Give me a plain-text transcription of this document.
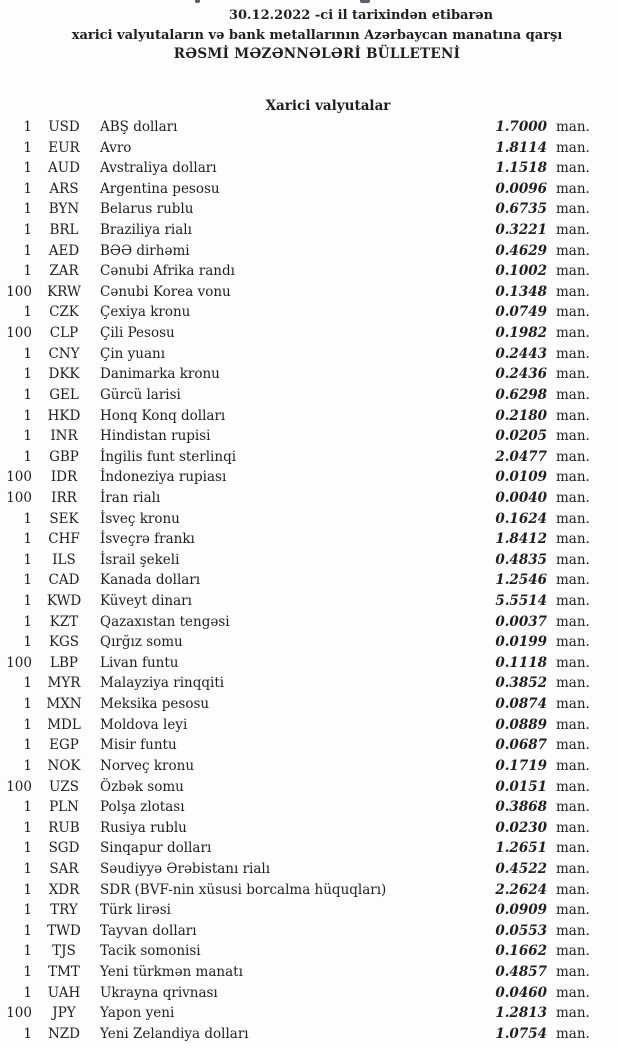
30.12.2022 -ci il tarixindən etibarən
xarici valyutaların və bank metallarının Azərbaycan manatına qarşı
RƏSMİ MƏZƏNNƏLƏRİ BÜLLETENİ
Xarici valyutalar
1	USD	ABŞ dolları	1.7000 man.
1	EUR	Avro	1.8114 man.
1	AUD	Avstraliya dolları	1.1518 man.
1	ARS	Argentina pesosu	0.0096 man.
1	BYN	Belarus rublu	0.6735 man.
1	BRL	Braziliya rialı	0.3221 man.
1	AED	BƏƏ dirhəmi	0.4629 man.
1	ZAR	Cənubi Afrika randı	0.1002 man.
100	KRW	Cənubi Korea vonu	0.1348 man.
1	CZK	Çexiya kronu	0.0749 man.
100	CLP	Çili Pesosu	0.1982 man.
1	CNY	Çin yuanı	0.2443 man.
1	DKK	Danimarka kronu	0.2436 man.
1	GEL	Gürcü larisi	0.6298 man.
1	HKD	Honq Konq dolları	0.2180 man.
1	INR	Hindistan rupisi	0.0205 man.
1	GBP	İngilis funt sterlinqi	2.0477 man.
100	IDR	İndoneziya rupiası	0.0109 man.
100	IRR	İran rialı	0.0040 man.
1	SEK	İsveç kronu	0.1624 man.
1	CHF	İsveçrə frankı	1.8412 man.
1	ILS	İsrail şekeli	0.4835 man.
1	CAD	Kanada dolları	1.2546 man.
1	KWD	Küveyt dinarı	5.5514 man.
1	KZT	Qazaxıstan tengəsi	0.0037 man.
1	KGS	Qırğız somu	0.0199 man.
100	LBP	Livan funtu	0.1118 man.
1	MYR	Malayziya rinqqiti	0.3852 man.
1	MXN	Meksika pesosu	0.0874 man.
1	MDL	Moldova leyi	0.0889 man.
1	EGP	Misir funtu	0.0687 man.
1	NOK	Norveç kronu	0.1719 man.
100	UZS	Özbək somu	0.0151 man.
1	PLN	Polşa zlotası	0.3868 man.
1	RUB	Rusiya rublu	0.0230 man.
1	SGD	Sinqapur dolları	1.2651 man.
1	SAR	Səudiyyə Ərəbistanı rialı	0.4522 man.
1	XDR	SDR (BVF-nin xüsusi borcalma hüquqları)	2.2624 man.
1	TRY	Türk lirəsi	0.0909 man.
1	TWD	Tayvan dolları	0.0553 man.
1	TJS	Tacik somonisi	0.1662 man.
1	TMT	Yeni türkmən manatı	0.4857 man.
1	UAH	Ukrayna qrivnası	0.0460 man.
100	JPY	Yapon yeni	1.2813 man.
1	NZD	Yeni Zelandiya dolları	1.0754 man.
